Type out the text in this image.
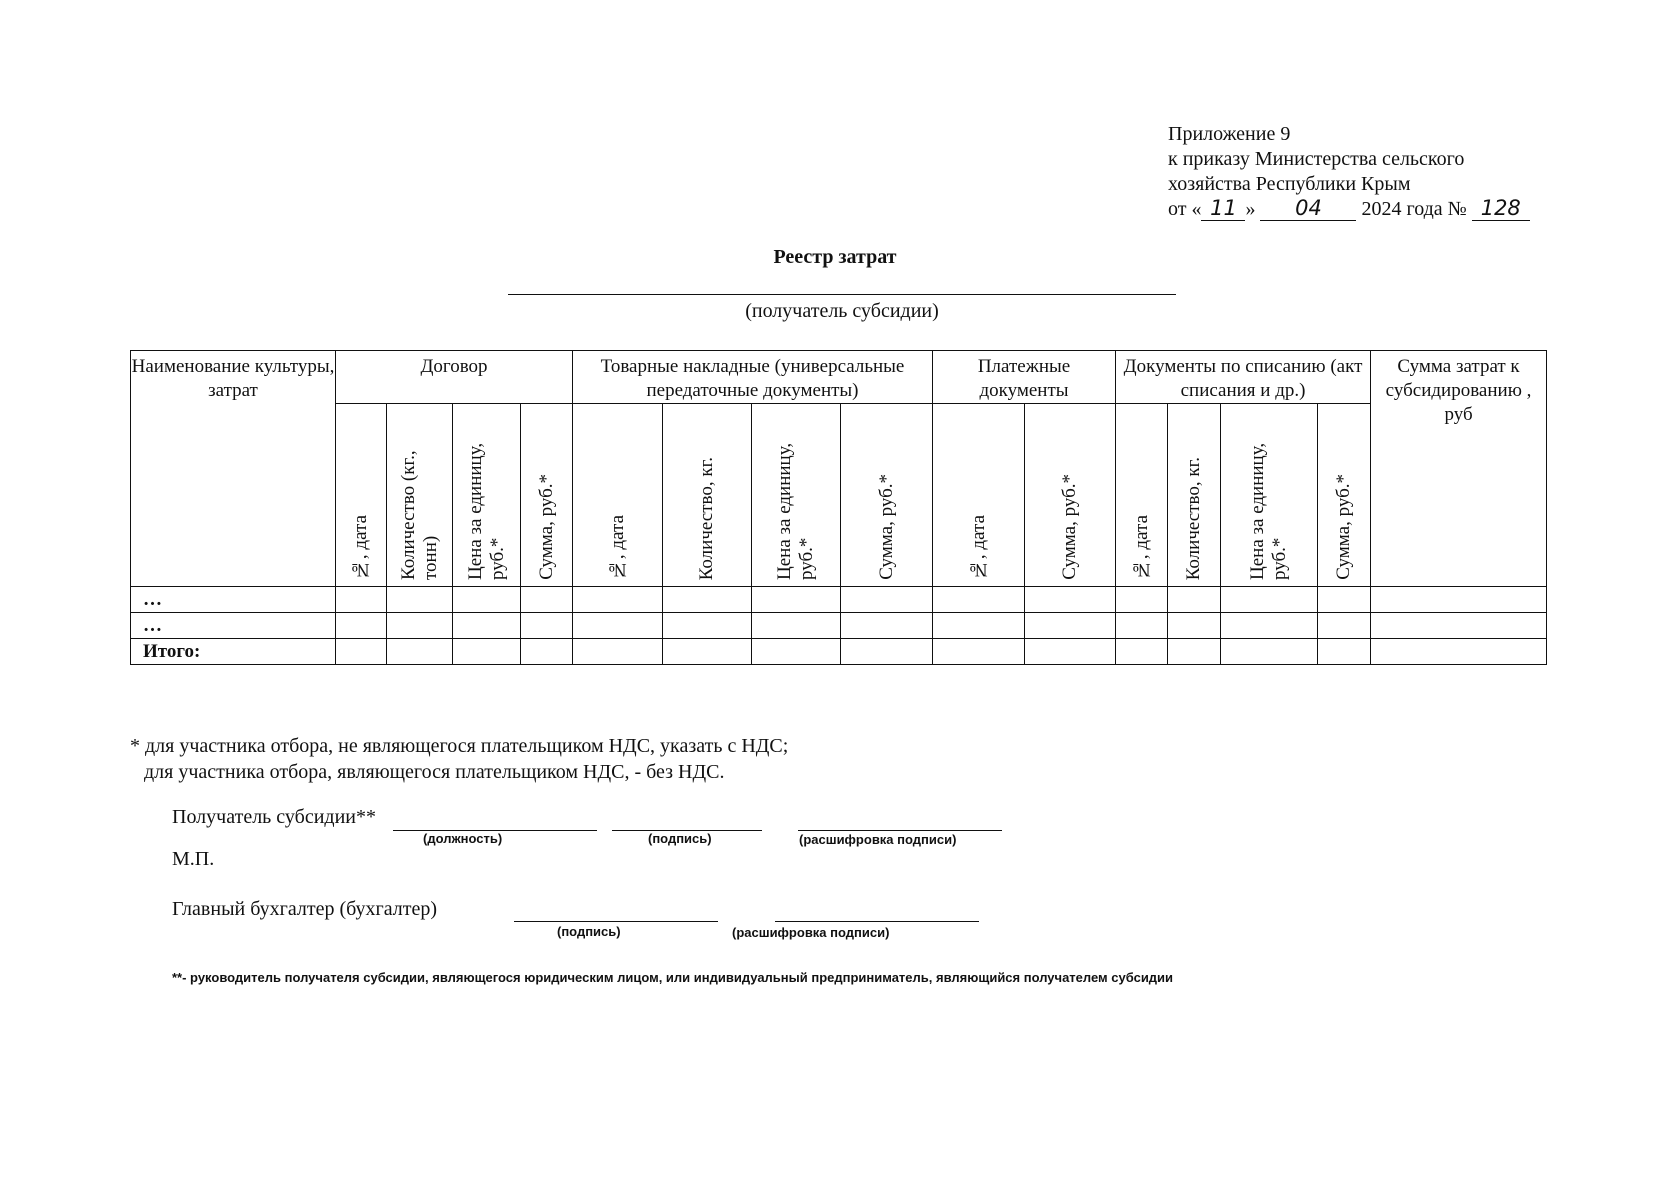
Приложение 9
к приказу Министерства сельского
хозяйства Республики Крым
от « 11 » 04 2024 года № 128
Реестр затрат
(получатель субсидии)
Наименование культуры, затрат	Договор				Товарные накладные (универсальные передаточные документы)				Платежные документы		Документы по списанию (акт списания и др.)				Сумма затрат к субсидированию , руб

	№, дата	Количество (кг., тонн)	Цена за единицу, руб.*	Сумма, руб.*	№, дата	Количество, кг.	Цена за единицу, руб.*	Сумма, руб.*	№, дата	Сумма, руб.*	№, дата	Количество, кг.	Цена за единицу, руб.*	Сумма, руб.*	

…															
…															
Итого:															
* для участника отбора, не являющегося плательщиком НДС, указать с НДС;
для участника отбора, являющегося плательщиком НДС, - без НДС.
Получатель субсидии**
(должность)	(подпись)	(расшифровка подписи)
М.П.
Главный бухгалтер (бухгалтер)
(подпись)	(расшифровка подписи)
**- руководитель получателя субсидии, являющегося юридическим лицом, или индивидуальный предприниматель, являющийся получателем субсидии
